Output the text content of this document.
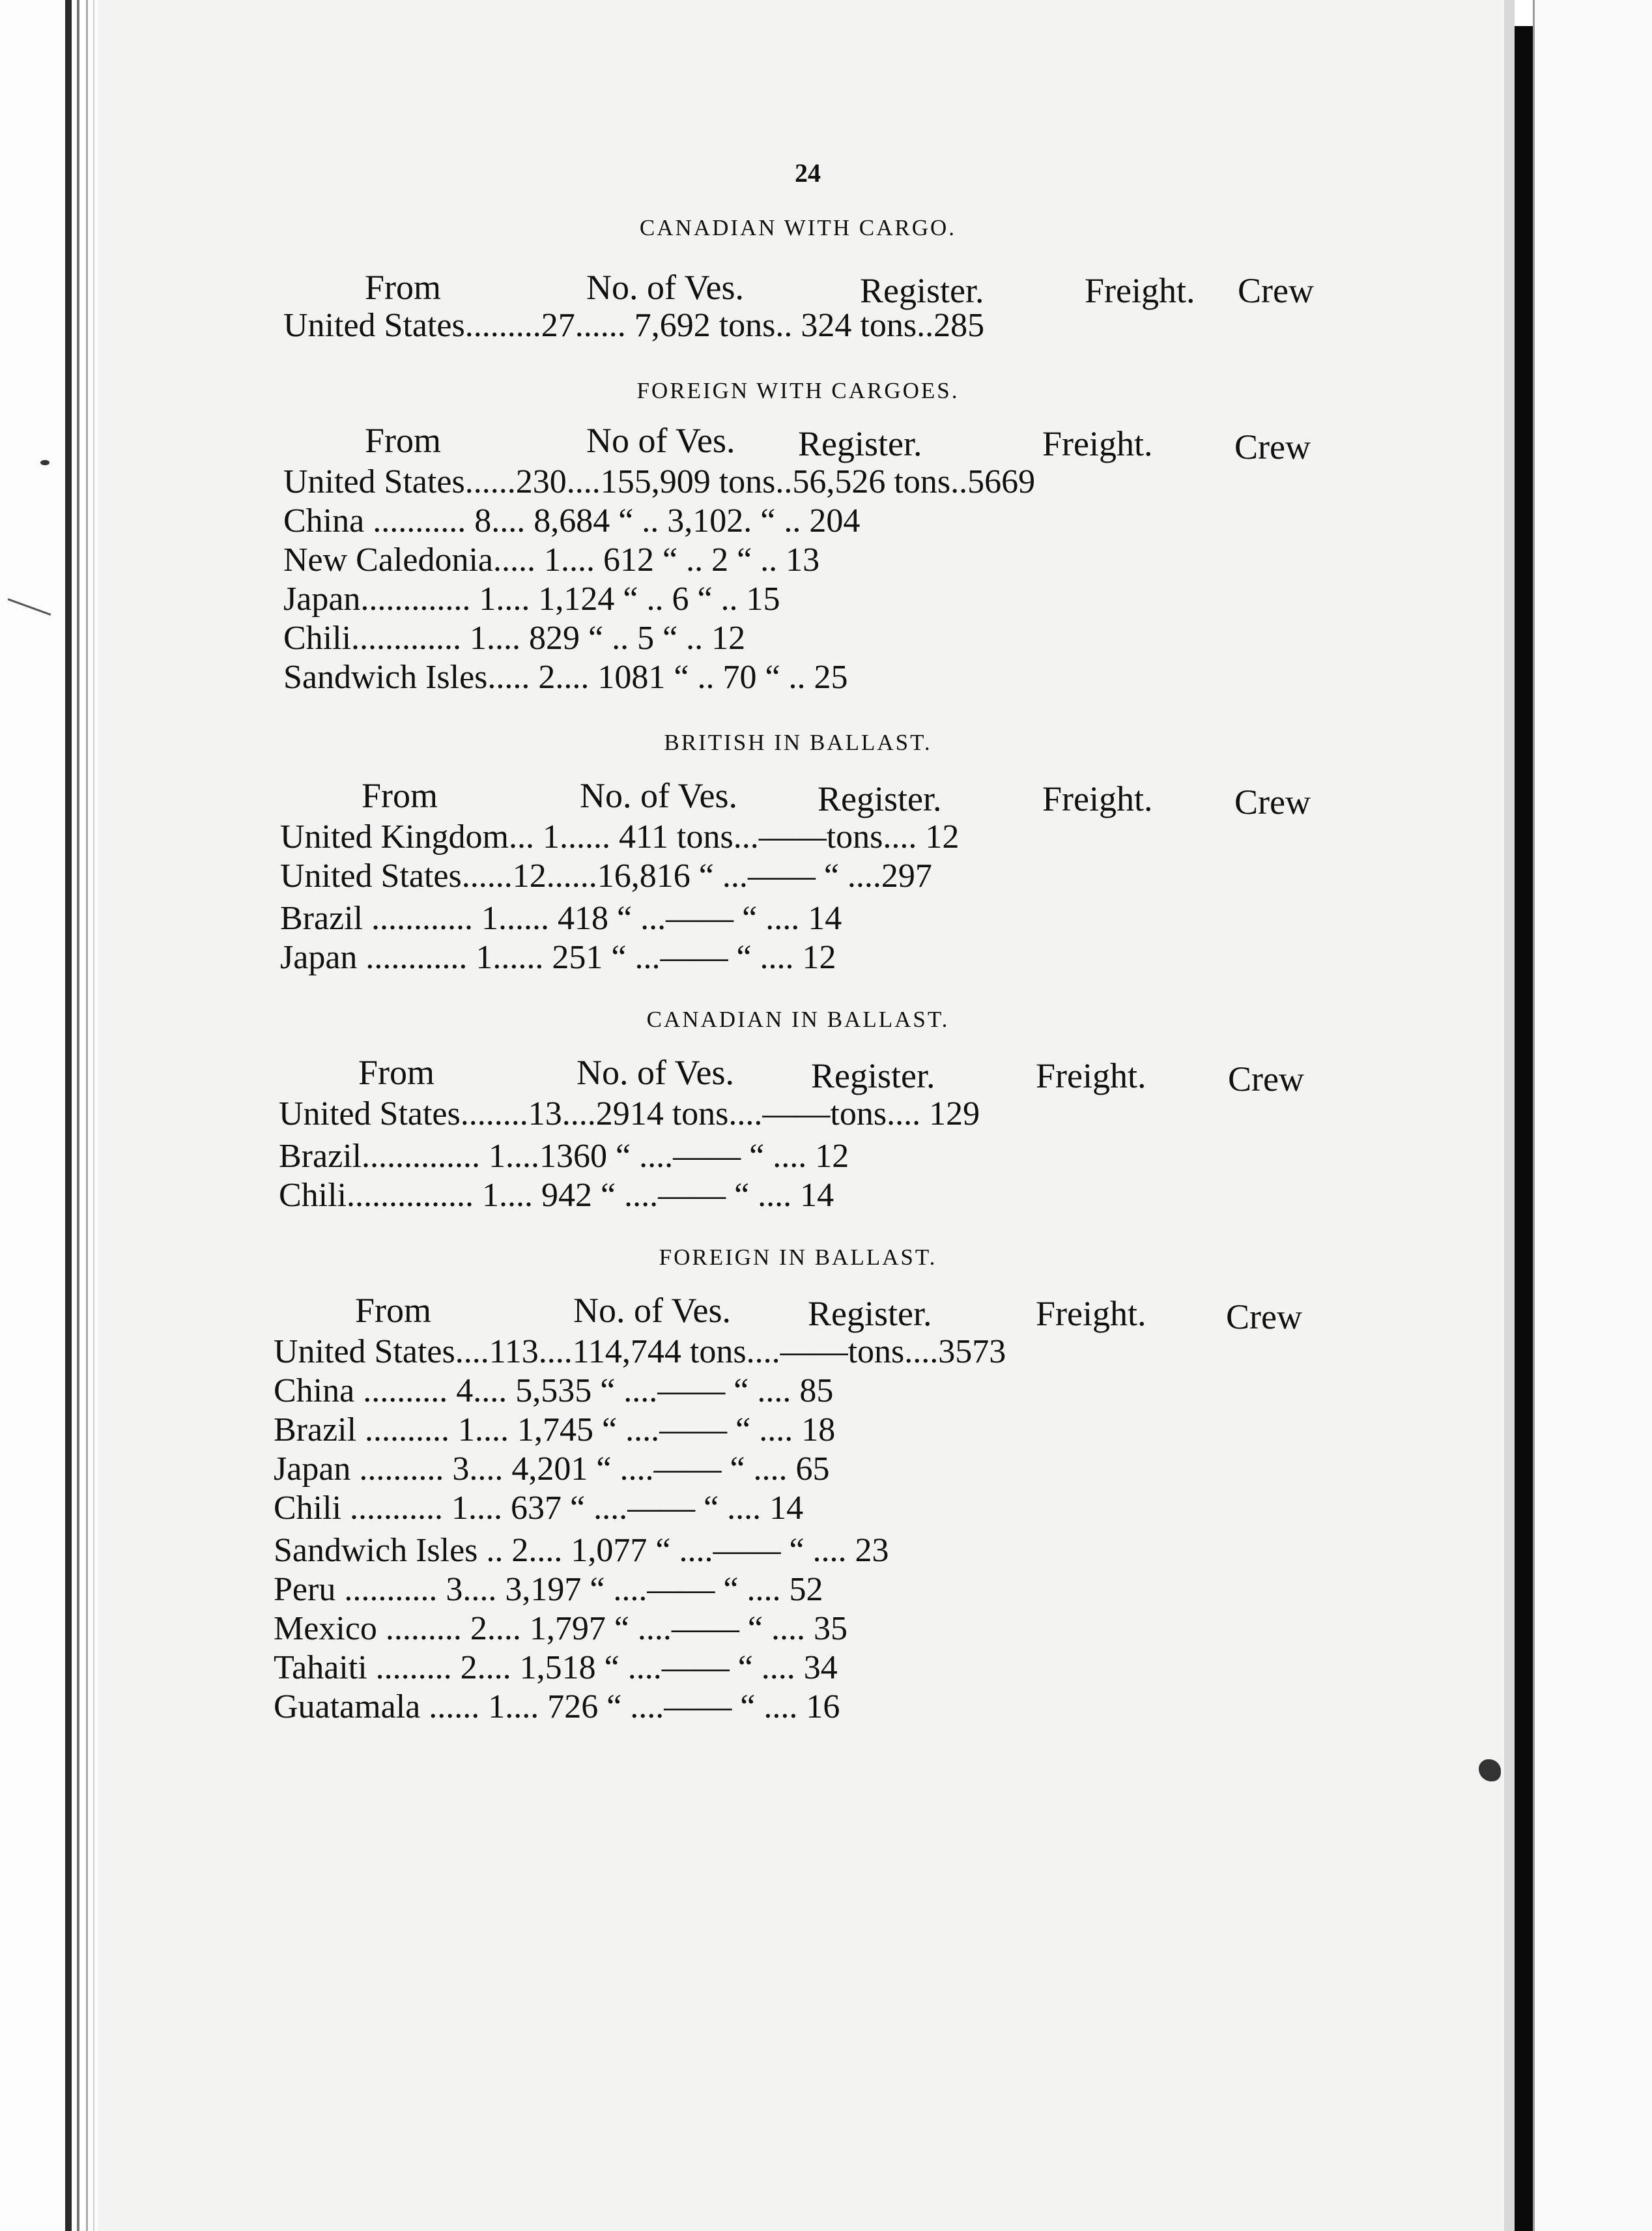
24
CANADIAN WITH CARGO.
From	No. of Ves.	Register.	Freight. Crew
United States.........27...... 7,692 tons.. 324 tons..285
FOREIGN WITH CARGOES.
From	No of Ves. Register.	Freight. Crew
United States......230....155,909 tons..56,526 tons..5669
China ........... 8.... 8,684 “ .. 3,102. “ .. 204
New Caledonia..... 1.... 612 “ .. 2 “ .. 13
Japan............. 1.... 1,124 “ .. 6 “ .. 15
Chili............. 1.... 829 “ .. 5 “ .. 12
Sandwich Isles..... 2.... 1081 “ .. 70 “ .. 25
BRITISH IN BALLAST.
From	No. of Ves. Register.	Freight. Crew
United Kingdom... 1...... 411 tons...——tons.... 12
United States......12......16,816 “ ...—— “ ....297
Brazil ............ 1...... 418 “ ...—— “ .... 14
Japan ............ 1...... 251 “ ...—— “ .... 12
CANADIAN IN BALLAST.
From	No. of Ves. Register.	Freight. Crew
United States........13....2914 tons....——tons.... 129
Brazil.............. 1....1360 “ ....—— “ .... 12
Chili............... 1.... 942 “ ....—— “ .... 14
FOREIGN IN BALLAST.
From	No. of Ves. Register.	Freight. Crew
United States....113....114,744 tons....——tons....3573
China .......... 4.... 5,535 “ ....—— “ .... 85
Brazil .......... 1.... 1,745 “ ....—— “ .... 18
Japan .......... 3.... 4,201 “ ....—— “ .... 65
Chili ........... 1.... 637 “ ....—— “ .... 14
Sandwich Isles .. 2.... 1,077 “ ....—— “ .... 23
Peru ........... 3.... 3,197 “ ....—— “ .... 52
Mexico ......... 2.... 1,797 “ ....—— “ .... 35
Tahaiti ......... 2.... 1,518 “ ....—— “ .... 34
Guatamala ...... 1.... 726 “ ....—— “ .... 16
